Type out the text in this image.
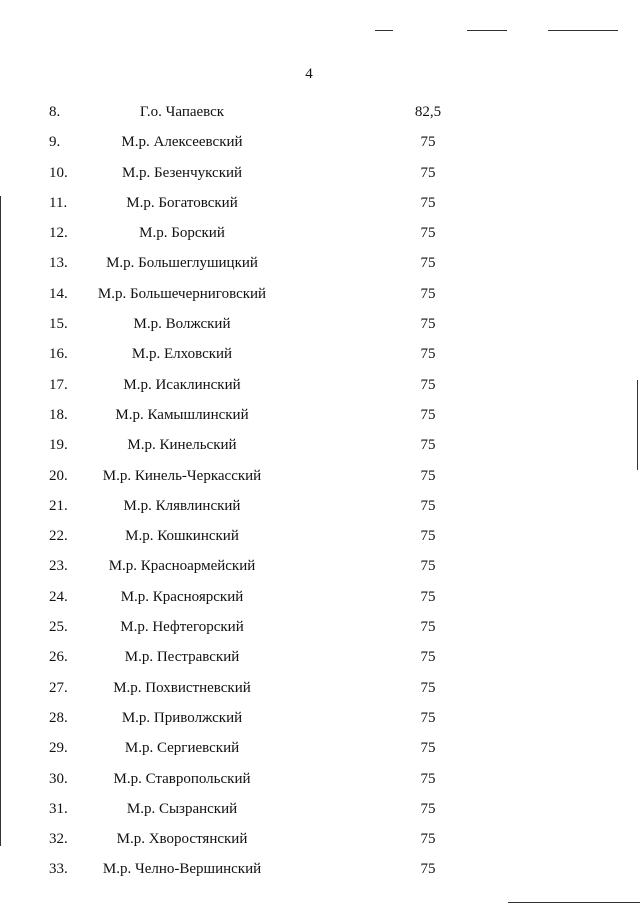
4
8.	Г.о. Чапаевск	82,5
9.	М.р. Алексеевский	75
10.	М.р. Безенчукский	75
11.	М.р. Богатовский	75
12.	М.р. Борский	75
13.	М.р. Большеглушицкий	75
14.	М.р. Большечерниговский	75
15.	М.р. Волжский	75
16.	М.р. Елховский	75
17.	М.р. Исаклинский	75
18.	М.р. Камышлинский	75
19.	М.р. Кинельский	75
20.	М.р. Кинель-Черкасский	75
21.	М.р. Клявлинский	75
22.	М.р. Кошкинский	75
23.	М.р. Красноармейский	75
24.	М.р. Красноярский	75
25.	М.р. Нефтегорский	75
26.	М.р. Пестравский	75
27.	М.р. Похвистневский	75
28.	М.р. Приволжский	75
29.	М.р. Сергиевский	75
30.	М.р. Ставропольский	75
31.	М.р. Сызранский	75
32.	М.р. Хворостянский	75
33.	М.р. Челно-Вершинский	75
